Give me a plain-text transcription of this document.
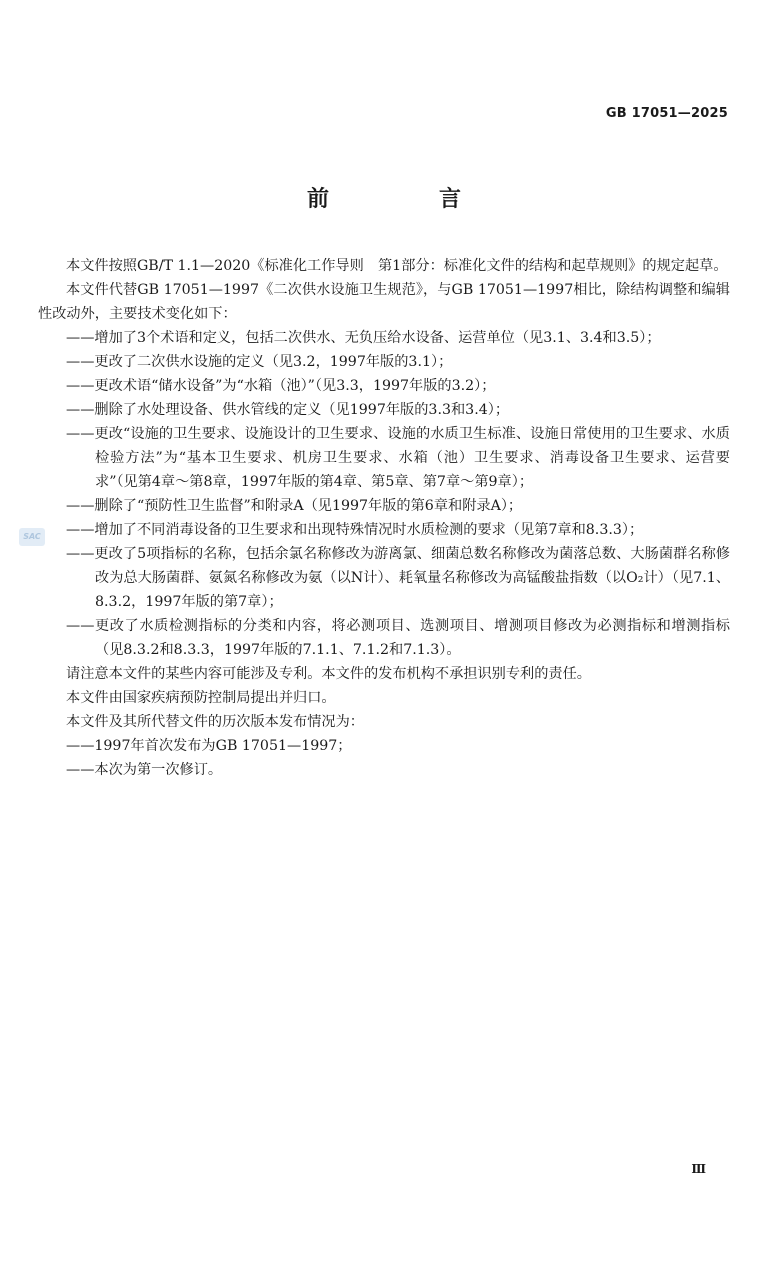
GB 17051—2025
前　言
SAC

本文件按照GB/T 1.1—2020《标准化工作导则　第1部分：标准化文件的结构和起草规则》的规定起草。

本文件代替GB 17051—1997《二次供水设施卫生规范》，与GB 17051—1997相比，除结构调整和编辑性改动外，主要技术变化如下：

——增加了3个术语和定义，包括二次供水、无负压给水设备、运营单位（见3.1、3.4和3.5）；

——更改了二次供水设施的定义（见3.2，1997年版的3.1）；

——更改术语“储水设备”为“水箱（池）”（见3.3，1997年版的3.2）；

——删除了水处理设备、供水管线的定义（见1997年版的3.3和3.4）；

——更改“设施的卫生要求、设施设计的卫生要求、设施的水质卫生标准、设施日常使用的卫生要求、水质检验方法”为“基本卫生要求、机房卫生要求、水箱（池）卫生要求、消毒设备卫生要求、运营要求”（见第4章～第8章，1997年版的第4章、第5章、第7章～第9章）；

——删除了“预防性卫生监督”和附录A（见1997年版的第6章和附录A）；

——增加了不同消毒设备的卫生要求和出现特殊情况时水质检测的要求（见第7章和8.3.3）；

——更改了5项指标的名称，包括余氯名称修改为游离氯、细菌总数名称修改为菌落总数、大肠菌群名称修改为总大肠菌群、氨氮名称修改为氨（以N计）、耗氧量名称修改为高锰酸盐指数（以O₂计）（见7.1、8.3.2，1997年版的第7章）；

——更改了水质检测指标的分类和内容，将必测项目、选测项目、增测项目修改为必测指标和增测指标（见8.3.2和8.3.3，1997年版的7.1.1、7.1.2和7.1.3）。

请注意本文件的某些内容可能涉及专利。本文件的发布机构不承担识别专利的责任。

本文件由国家疾病预防控制局提出并归口。

本文件及其所代替文件的历次版本发布情况为：

——1997年首次发布为GB 17051—1997；

——本次为第一次修订。

Ⅲ
